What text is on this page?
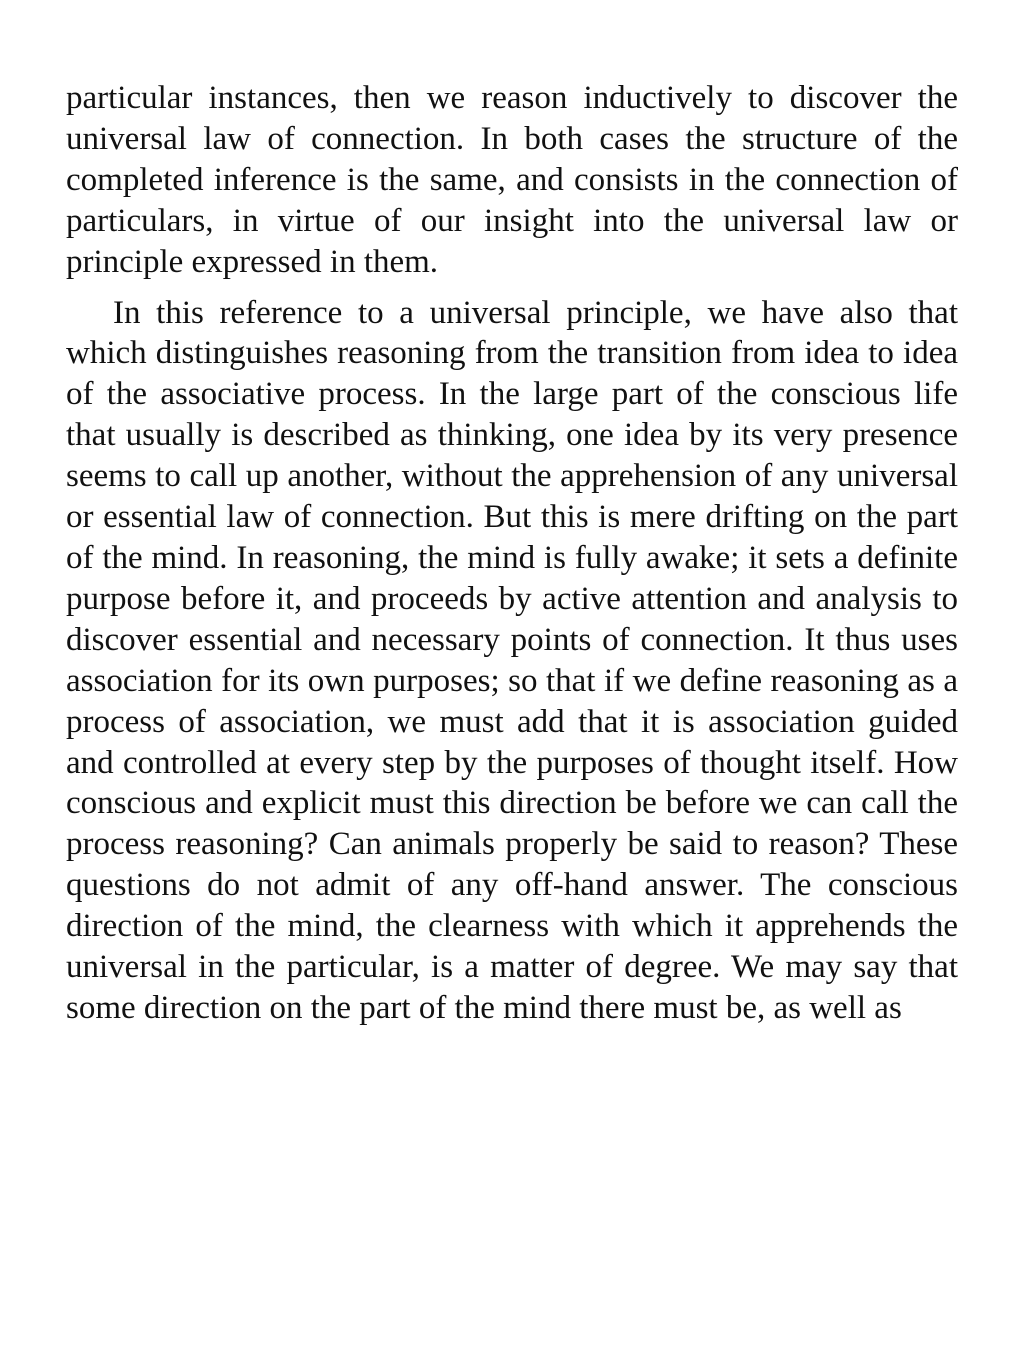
particular instances, then we reason inductively to discover the universal law of connection. In both cases the structure of the completed inference is the same, and consists in the connection of particulars, in virtue of our insight into the universal law or principle expressed in them.

In this reference to a universal principle, we have also that which distinguishes reasoning from the transition from idea to idea of the associative process. In the large part of the conscious life that usually is described as thinking, one idea by its very presence seems to call up another, without the apprehension of any universal or essential law of connection. But this is mere drifting on the part of the mind. In reasoning, the mind is fully awake; it sets a definite purpose before it, and proceeds by active attention and analysis to discover essential and necessary points of connection. It thus uses association for its own purposes; so that if we define reasoning as a process of association, we must add that it is association guided and controlled at every step by the purposes of thought itself. How conscious and explicit must this direction be before we can call the process reasoning? Can animals properly be said to reason? These questions do not admit of any off-hand answer. The conscious direction of the mind, the clearness with which it apprehends the universal in the particular, is a matter of degree. We may say that some direction on the part of the mind there must be, as well as
